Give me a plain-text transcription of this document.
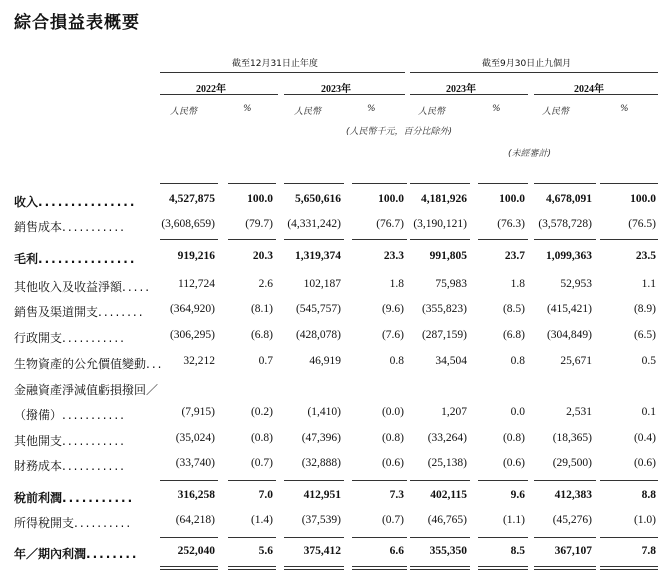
綜合損益表概要
截至12月31日止年度	截至9月30日止九個月
2022年	2023年	2023年	2024年
人民幣	%	人民幣	%	人民幣	%	人民幣	%
(人民幣千元，百分比除外)
(未經審計)
收入...............	4,527,875	100.0 5,650,616	100.0 4,181,926	100.0 4,678,091	100.0
銷售成本...........	(3,608,659)	(79.7) (4,331,242)	(76.7) (3,190,121)	(76.3) (3,578,728)	(76.5)
毛利...............	919,216	20.3 1,319,374	23.3 991,805	23.7 1,099,363	23.5
其他收入及收益淨額..... 112,724	2.6	102,187	1.8	75,983	1.8	52,953	1.1
銷售及渠道開支........ (364,920)	(8.1) (545,757)	(9.6) (355,823)	(8.5) (415,421)	(8.9)
行政開支...........	(306,295)	(6.8) (428,078)	(7.6) (287,159)	(6.8) (304,849)	(6.5)
生物資產的公允價值變動... 32,212	0.7	46,919	0.8	34,504	0.8	25,671	0.5
金融資產淨減值虧損撥回／
（撥備）...........	(7,915)	(0.2)	(1,410)	(0.0)	1,207	0.0	2,531	0.1
其他開支...........	(35,024)	(0.8) (47,396)	(0.8) (33,264)	(0.8) (18,365)	(0.4)
財務成本...........	(33,740)	(0.7) (32,888)	(0.6) (25,138)	(0.6) (29,500)	(0.6)
稅前利潤...........	316,258	7.0	412,951	7.3 402,115	9.6	412,383	8.8
所得稅開支..........	(64,218)	(1.4) (37,539)	(0.7) (46,765)	(1.1) (45,276)	(1.0)
年／期內利潤........	252,040	5.6	375,412	6.6 355,350	8.5	367,107	7.8
